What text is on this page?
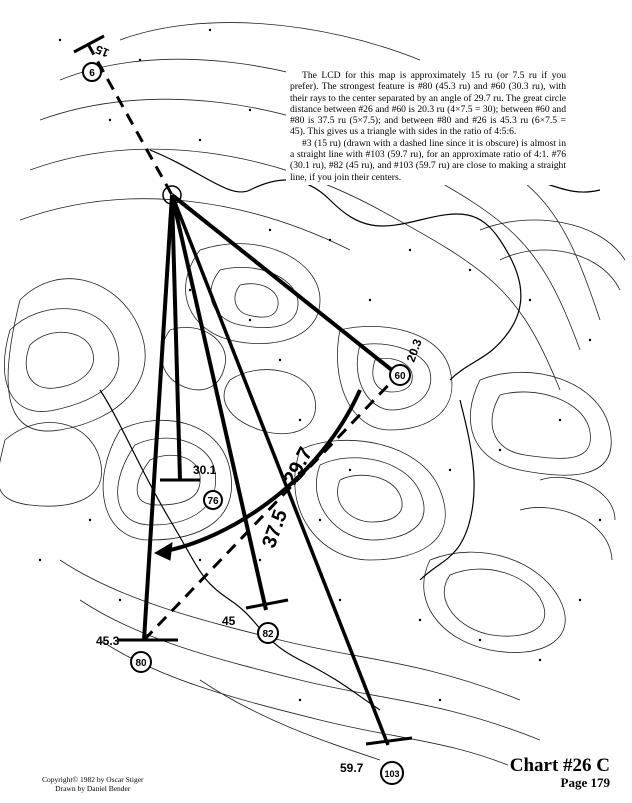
6
60
76
80
82
103
15
30.1
45.3
45
59.7
37.5
29.7
20.3

The LCD for this map is approximately 15 ru (or 7.5 ru if you prefer). The strongest feature is #80 (45.3 ru) and #60 (30.3 ru), with their rays to the center separated by an angle of 29.7 ru. The great circle distance between #26 and #60 is 20.3 ru (4×7.5 = 30); between #60 and #80 is 37.5 ru (5×7.5); and between #80 and #26 is 45.3 ru (6×7.5 = 45). This gives us a triangle with sides in the ratio of 4:5:6.

#3 (15 ru) (drawn with a dashed line since it is obscure) is almost in a straight line with #103 (59.7 ru), for an approximate ratio of 4:1. #76 (30.1 ru), #82 (45 ru), and #103 (59.7 ru) are close to making a straight line, if you join their centers.

Copyright© 1982 by Oscar Stiger
Drawn by Daniel Bender
Chart #26 C
Page 179
